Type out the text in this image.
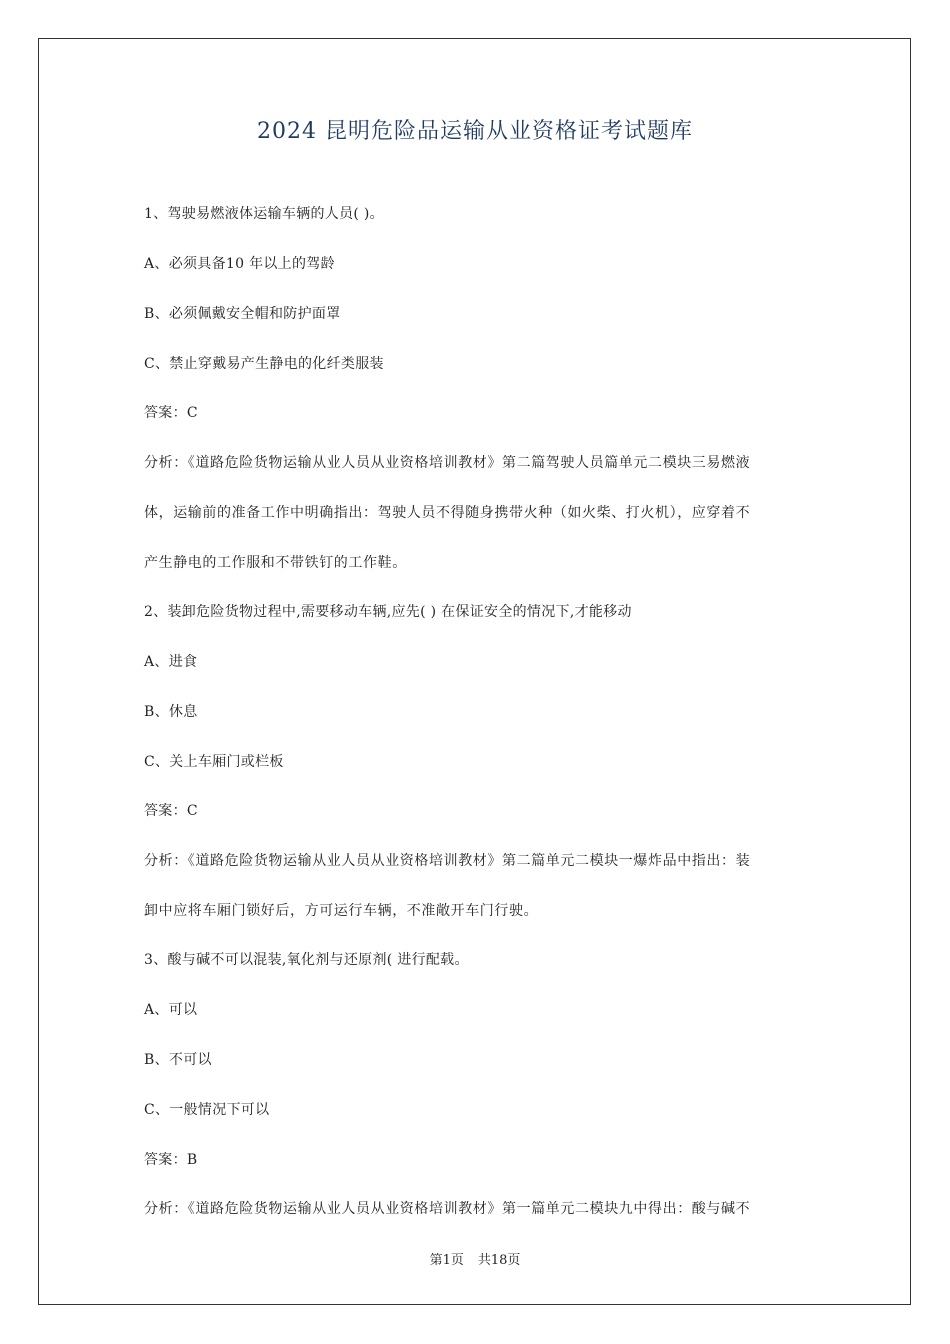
2024 昆明危险品运输从业资格证考试题库
1、驾驶易燃液体运输车辆的人员( )。
A、必须具备10 年以上的驾龄
B、必须佩戴安全帽和防护面罩
C、禁止穿戴易产生静电的化纤类服装
答案：C
分析：《道路危险货物运输从业人员从业资格培训教材》第二篇驾驶人员篇单元二模块三易燃液
体，运输前的准备工作中明确指出：驾驶人员不得随身携带火种（如火柴、打火机），应穿着不
产生静电的工作服和不带铁钉的工作鞋。
2、装卸危险货物过程中,需要移动车辆,应先( ) 在保证安全的情况下,才能移动
A、进食
B、休息
C、关上车厢门或栏板
答案：C
分析：《道路危险货物运输从业人员从业资格培训教材》第二篇单元二模块一爆炸品中指出：装
卸中应将车厢门锁好后，方可运行车辆，不准敞开车门行驶。
3、酸与碱不可以混装,氧化剂与还原剂( 进行配载。
A、可以
B、不可以
C、一般情况下可以
答案：B
分析：《道路危险货物运输从业人员从业资格培训教材》第一篇单元二模块九中得出：酸与碱不
第1页 共18页
